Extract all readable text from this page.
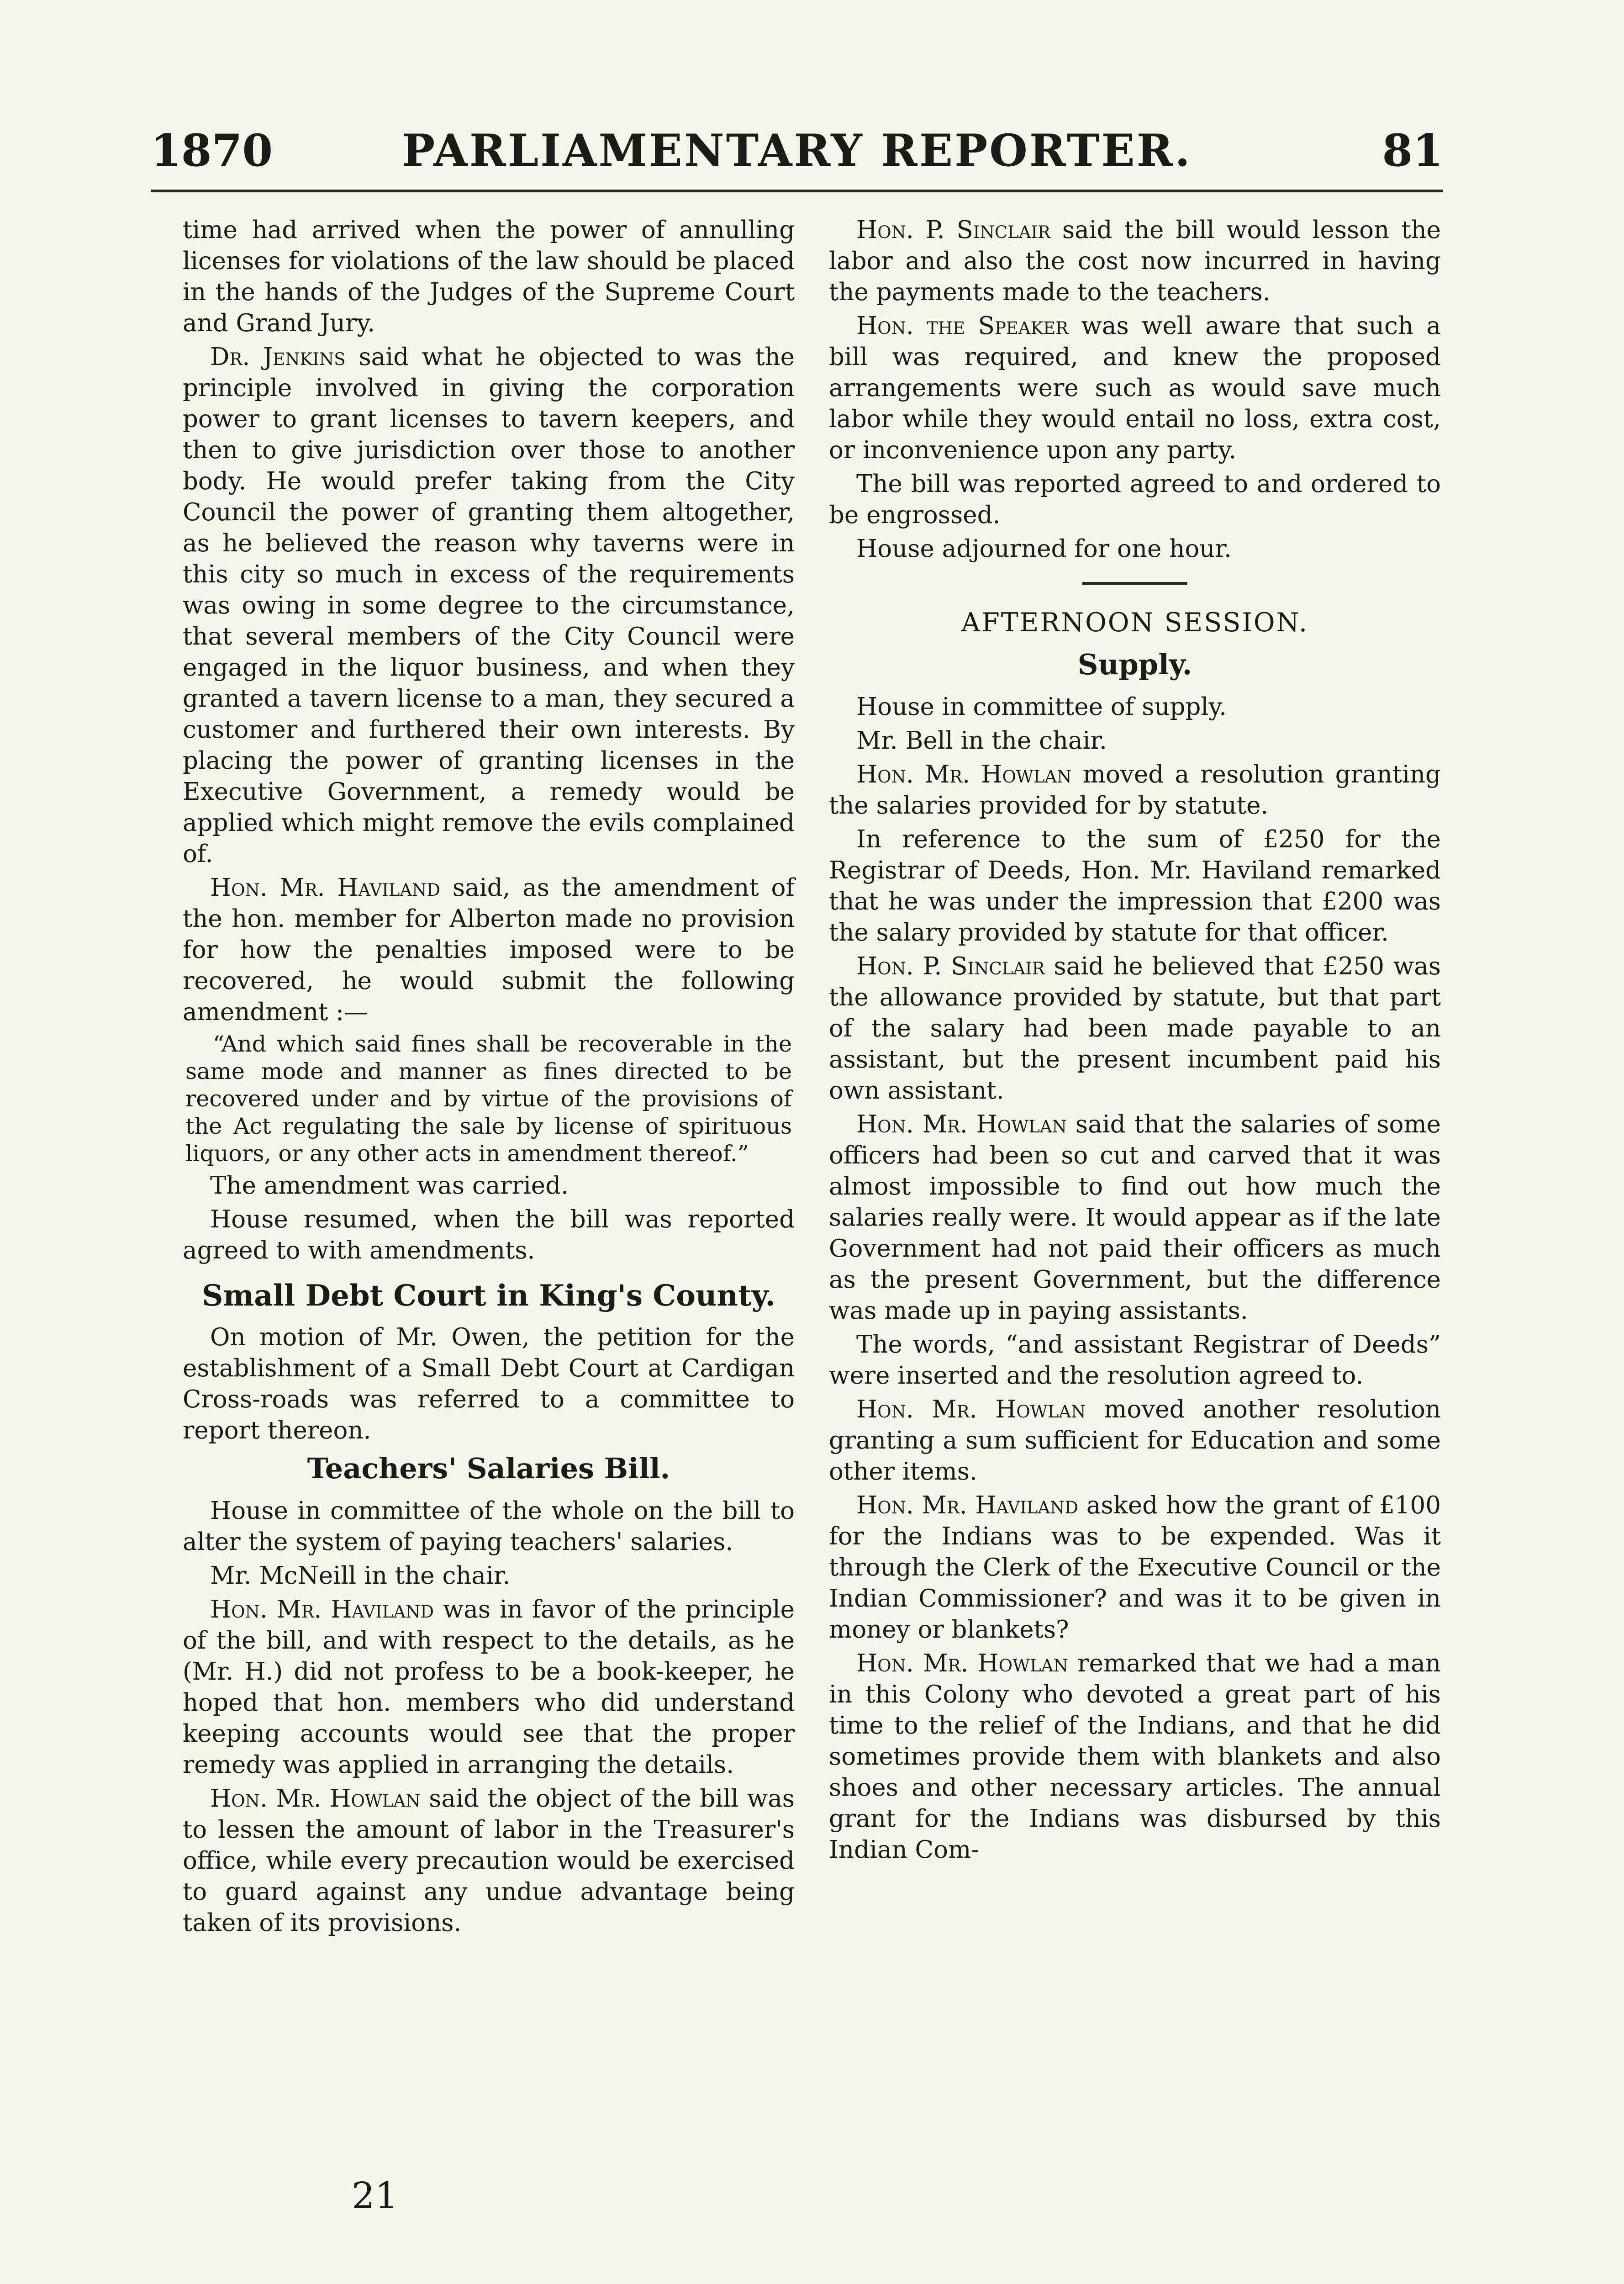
1870	PARLIAMENTARY REPORTER.	81

time had arrived when the power of annulling licenses for violations of the law should be placed in the hands of the Judges of the Supreme Court and Grand Jury.

Dr. Jenkins said what he objected to was the principle involved in giving the corporation power to grant licenses to tavern keepers, and then to give jurisdiction over those to another body. He would prefer taking from the City Council the power of granting them altogether, as he believed the reason why taverns were in this city so much in excess of the requirements was owing in some degree to the circumstance, that several members of the City Council were engaged in the liquor business, and when they granted a tavern license to a man, they secured a customer and furthered their own interests. By placing the power of granting licenses in the Executive Government, a remedy would be applied which might remove the evils complained of.

Hon. Mr. Haviland said, as the amendment of the hon. member for Alberton made no provision for how the penalties imposed were to be recovered, he would submit the following amendment :—

“And which said fines shall be recoverable in the same mode and manner as fines directed to be recovered under and by virtue of the provisions of the Act regulating the sale by license of spirituous liquors, or any other acts in amendment thereof.”

The amendment was carried.

House resumed, when the bill was reported agreed to with amendments.

Small Debt Court in King's County.

On motion of Mr. Owen, the petition for the establishment of a Small Debt Court at Cardigan Cross-roads was referred to a committee to report thereon.

Teachers' Salaries Bill.

House in committee of the whole on the bill to alter the system of paying teachers' salaries.

Mr. McNeill in the chair.

Hon. Mr. Haviland was in favor of the principle of the bill, and with respect to the details, as he (Mr. H.) did not profess to be a book-keeper, he hoped that hon. members who did understand keeping accounts would see that the proper remedy was applied in arranging the details.

Hon. Mr. Howlan said the object of the bill was to lessen the amount of labor in the Treasurer's office, while every precaution would be exercised to guard against any undue advantage being taken of its provisions.

Hon. P. Sinclair said the bill would lesson the labor and also the cost now incurred in having the payments made to the teachers.

Hon. the Speaker was well aware that such a bill was required, and knew the proposed arrangements were such as would save much labor while they would entail no loss, extra cost, or inconvenience upon any party.

The bill was reported agreed to and ordered to be engrossed.

House adjourned for one hour.

AFTERNOON SESSION.
Supply.

House in committee of supply.

Mr. Bell in the chair.

Hon. Mr. Howlan moved a resolution granting the salaries provided for by statute.

In reference to the sum of £250 for the Registrar of Deeds, Hon. Mr. Haviland remarked that he was under the impression that £200 was the salary provided by statute for that officer.

Hon. P. Sinclair said he believed that £250 was the allowance provided by statute, but that part of the salary had been made payable to an assistant, but the present incumbent paid his own assistant.

Hon. Mr. Howlan said that the salaries of some officers had been so cut and carved that it was almost impossible to find out how much the salaries really were. It would appear as if the late Government had not paid their officers as much as the present Government, but the difference was made up in paying assistants.

The words, “and assistant Registrar of Deeds” were inserted and the resolution agreed to.

Hon. Mr. Howlan moved another resolution granting a sum sufficient for Education and some other items.

Hon. Mr. Haviland asked how the grant of £100 for the Indians was to be expended. Was it through the Clerk of the Executive Council or the Indian Commissioner? and was it to be given in money or blankets?

Hon. Mr. Howlan remarked that we had a man in this Colony who devoted a great part of his time to the relief of the Indians, and that he did sometimes provide them with blankets and also shoes and other necessary articles. The annual grant for the Indians was disbursed by this Indian Com-

21
